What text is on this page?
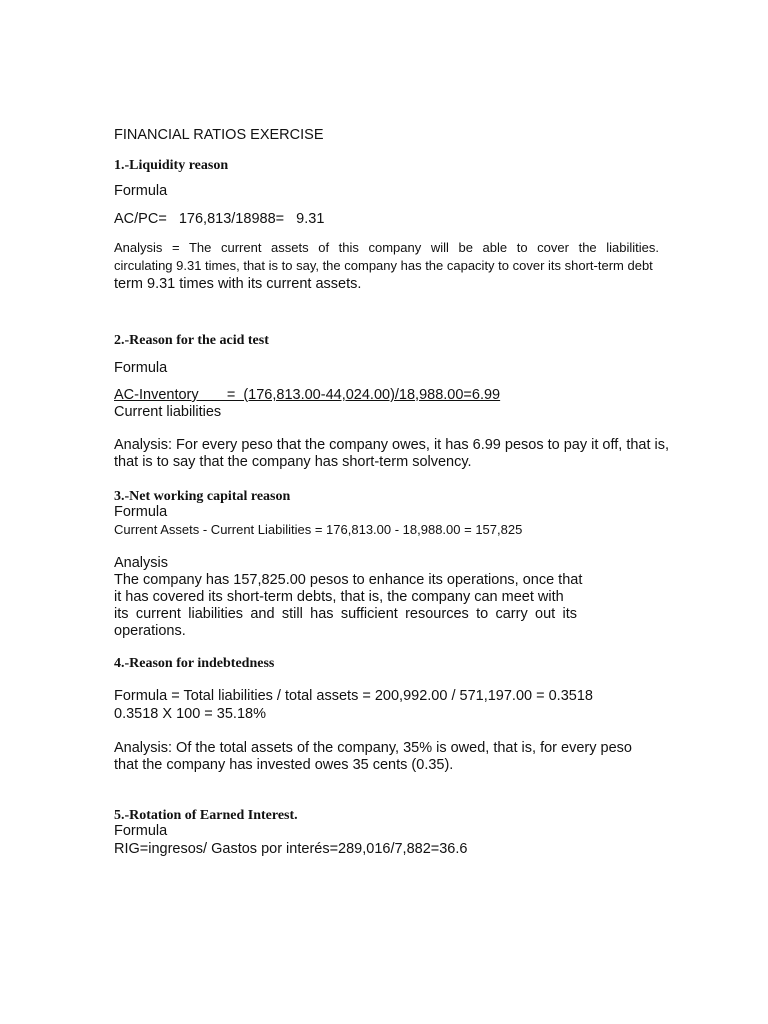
FINANCIAL RATIOS EXERCISE
1.-Liquidity reason
Formula
AC/PC=   176,813/18988=   9.31
Analysis = The current assets of this company will be able to cover the liabilities.
circulating 9.31 times, that is to say, the company has the capacity to cover its short-term debt
term 9.31 times with its current assets.
2.-Reason for the acid test
Formula
AC-Inventory       =  (176,813.00-44,024.00)/18,988.00=6.99
Current liabilities
Analysis: For every peso that the company owes, it has 6.99 pesos to pay it off, that is,
that is to say that the company has short-term solvency.
3.-Net working capital reason
Formula
Current Assets - Current Liabilities = 176,813.00 - 18,988.00 = 157,825
Analysis
The company has 157,825.00 pesos to enhance its operations, once that
it has covered its short-term debts, that is, the company can meet with
its current liabilities and still has sufficient resources to carry out its
operations.
4.-Reason for indebtedness
Formula = Total liabilities / total assets = 200,992.00 / 571,197.00 = 0.3518
0.3518 X 100 = 35.18%
Analysis: Of the total assets of the company, 35% is owed, that is, for every peso
that the company has invested owes 35 cents (0.35).
5.-Rotation of Earned Interest.
Formula
RIG=ingresos/ Gastos por interés=289,016/7,882=36.6
